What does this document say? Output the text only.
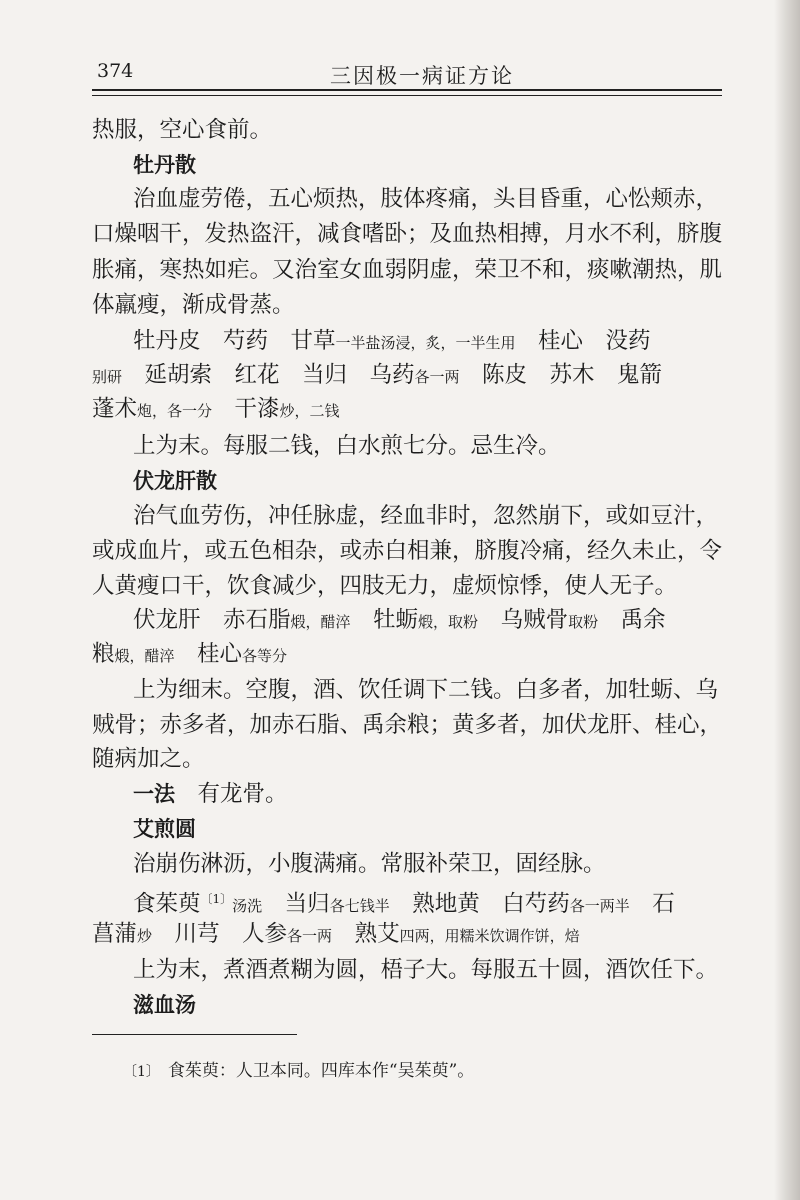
374	三因极一病证方论
热服，空心食前。
牡丹散
治血虚劳倦，五心烦热，肢体疼痛，头目昏重，心忪颊赤，
口燥咽干，发热盗汗，减食嗜卧；及血热相搏，月水不利，脐腹
胀痛，寒热如疟。又治室女血弱阴虚，荣卫不和，痰嗽潮热，肌
体羸瘦，渐成骨蒸。
牡丹皮　芍药　甘草一半盐汤浸，炙，一半生用　桂心　没药
别研　延胡索　红花　当归　乌药各一两　陈皮　苏木　鬼箭
蓬术炮，各一分　干漆炒，二钱
上为末。每服二钱，白水煎七分。忌生冷。
伏龙肝散
治气血劳伤，冲任脉虚，经血非时，忽然崩下，或如豆汁，
或成血片，或五色相杂，或赤白相兼，脐腹冷痛，经久未止，令
人黄瘦口干，饮食减少，四肢无力，虚烦惊悸，使人无子。
伏龙肝　赤石脂煅，醋淬　牡蛎煅，取粉　乌贼骨取粉　禹余
粮煅，醋淬　桂心各等分
上为细末。空腹，酒、饮任调下二钱。白多者，加牡蛎、乌
贼骨；赤多者，加赤石脂、禹余粮；黄多者，加伏龙肝、桂心，
随病加之。
一法　有龙骨。
艾煎圆
治崩伤淋沥，小腹满痛。常服补荣卫，固经脉。
食茱萸$^{〔1〕}$汤洗　当归各七钱半　熟地黄　白芍药各一两半　石
菖蒲炒　川芎　人参各一两　熟艾四两，用糯米饮调作饼，焙
上为末，煮酒煮糊为圆，梧子大。每服五十圆，酒饮任下。
滋血汤
〔1〕 食茱萸：人卫本同。四库本作“吴茱萸”。
